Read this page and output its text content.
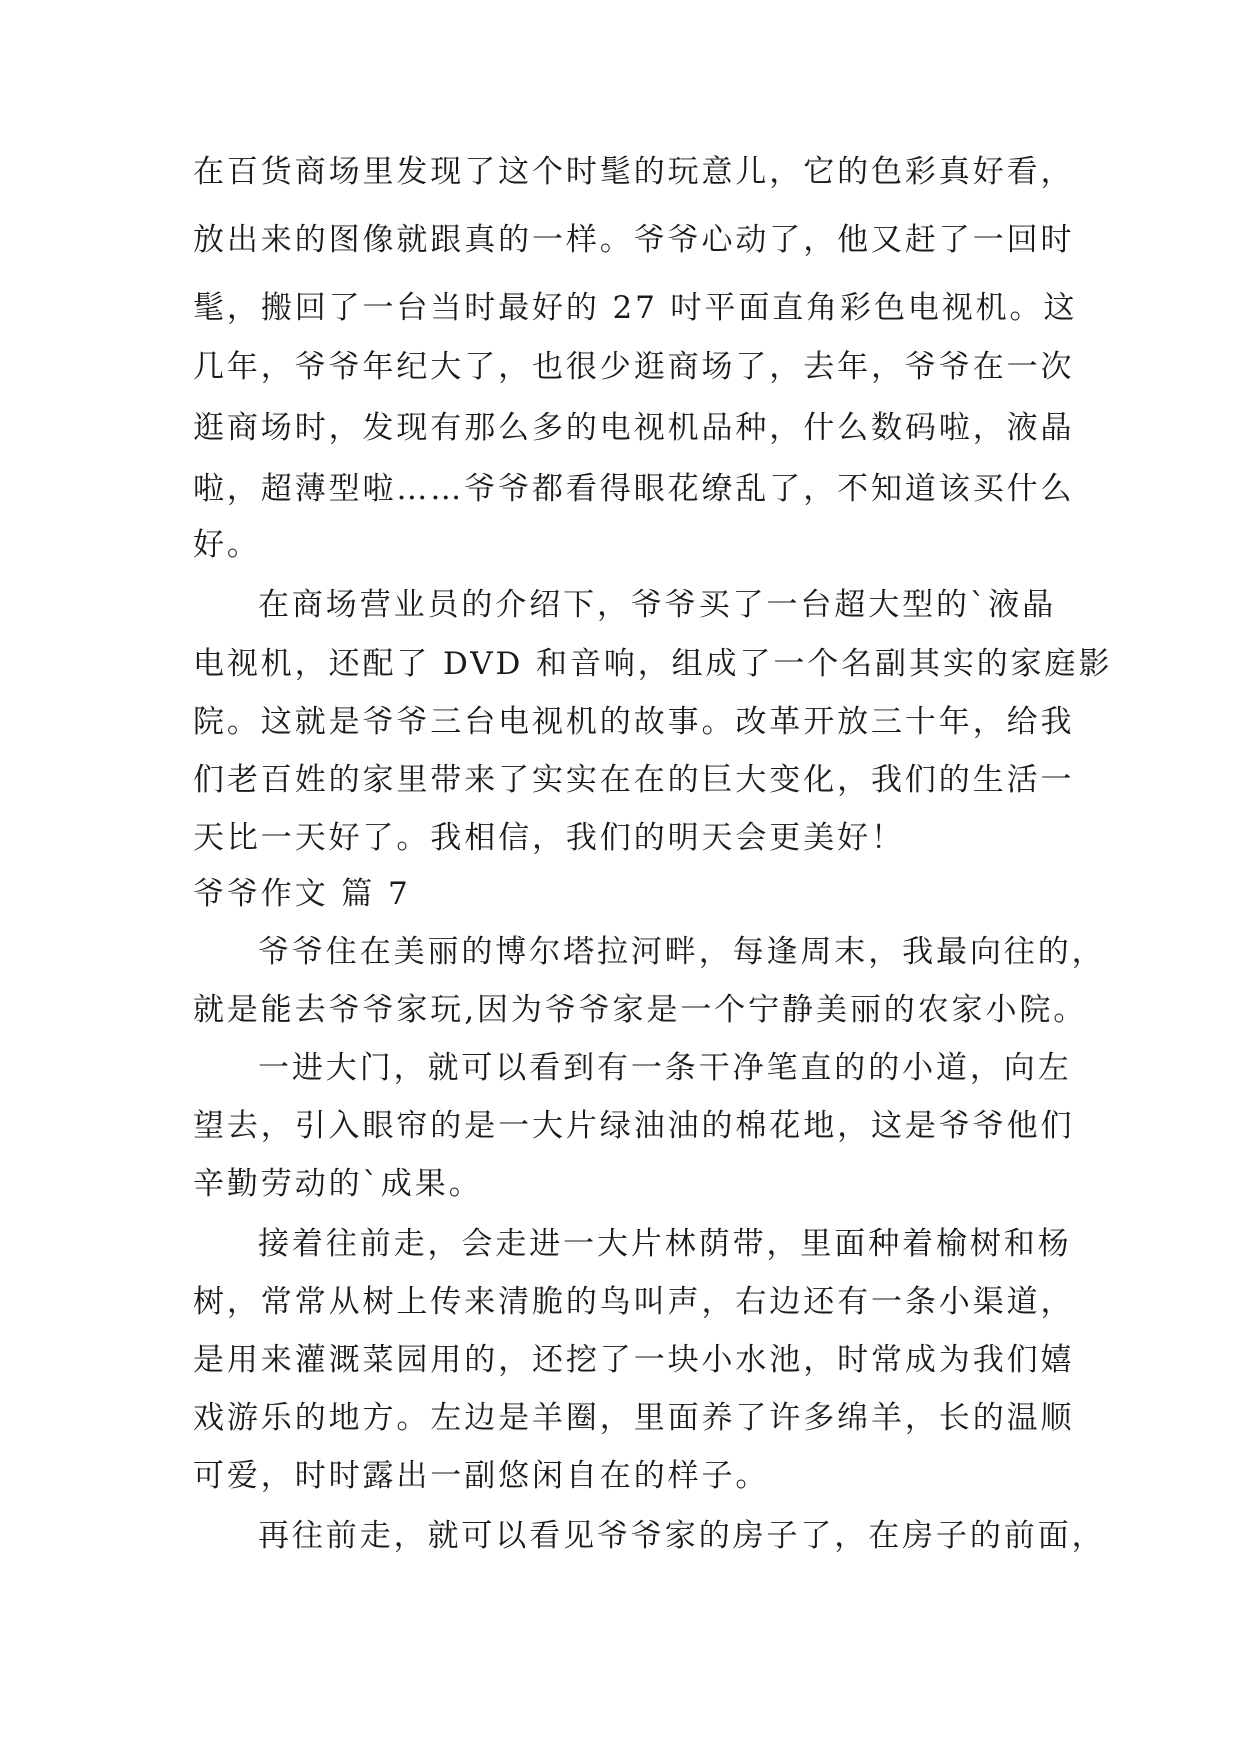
在百货商场里发现了这个时髦的玩意儿，它的色彩真好看，
放出来的图像就跟真的一样。爷爷心动了，他又赶了一回时
髦，搬回了一台当时最好的 27 吋平面直角彩色电视机。这
几年，爷爷年纪大了，也很少逛商场了，去年，爷爷在一次
逛商场时，发现有那么多的电视机品种，什么数码啦，液晶
啦，超薄型啦……爷爷都看得眼花缭乱了，不知道该买什么
好。
在商场营业员的介绍下，爷爷买了一台超大型的`液晶
电视机，还配了 DVD 和音响，组成了一个名副其实的家庭影
院。这就是爷爷三台电视机的故事。改革开放三十年，给我
们老百姓的家里带来了实实在在的巨大变化，我们的生活一
天比一天好了。我相信，我们的明天会更美好！
爷爷作文 篇 7
爷爷住在美丽的博尔塔拉河畔，每逢周末，我最向往的，
就是能去爷爷家玩,因为爷爷家是一个宁静美丽的农家小院。
一进大门，就可以看到有一条干净笔直的的小道，向左
望去，引入眼帘的是一大片绿油油的棉花地，这是爷爷他们
辛勤劳动的`成果。
接着往前走，会走进一大片林荫带，里面种着榆树和杨
树，常常从树上传来清脆的鸟叫声，右边还有一条小渠道，
是用来灌溉菜园用的，还挖了一块小水池，时常成为我们嬉
戏游乐的地方。左边是羊圈，里面养了许多绵羊，长的温顺
可爱，时时露出一副悠闲自在的样子。
再往前走，就可以看见爷爷家的房子了，在房子的前面，
